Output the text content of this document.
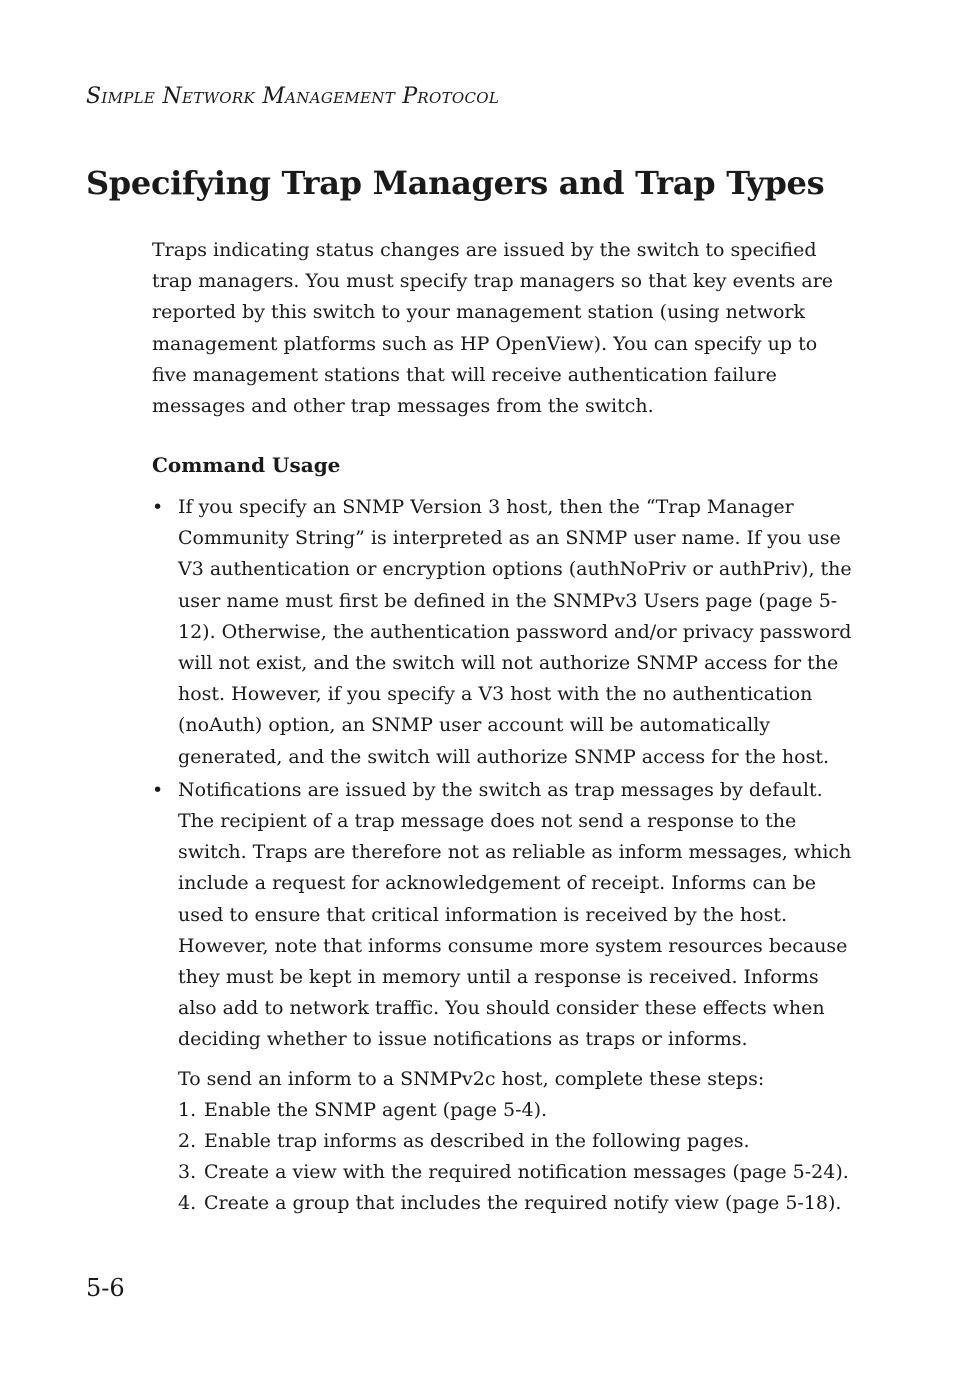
SIMPLE NETWORK MANAGEMENT PROTOCOL
Specifying Trap Managers and Trap Types

Traps indicating status changes are issued by the switch to specified trap managers. You must specify trap managers so that key events are reported by this switch to your management station (using network management platforms such as HP OpenView). You can specify up to five management stations that will receive authentication failure messages and other trap messages from the switch.

Command Usage
• If you specify an SNMP Version 3 host, then the “Trap Manager Community String” is interpreted as an SNMP user name. If you use V3 authentication or encryption options (authNoPriv or authPriv), the user name must first be defined in the SNMPv3 Users page (page 5-12). Otherwise, the authentication password and/or privacy password will not exist, and the switch will not authorize SNMP access for the host. However, if you specify a V3 host with the no authentication (noAuth) option, an SNMP user account will be automatically generated, and the switch will authorize SNMP access for the host.
• Notifications are issued by the switch as trap messages by default. The recipient of a trap message does not send a response to the switch. Traps are therefore not as reliable as inform messages, which include a request for acknowledgement of receipt. Informs can be used to ensure that critical information is received by the host. However, note that informs consume more system resources because they must be kept in memory until a response is received. Informs also add to network traffic. You should consider these effects when deciding whether to issue notifications as traps or informs.

To send an inform to a SNMPv2c host, complete these steps:

1. Enable the SNMP agent (page 5-4).
2. Enable trap informs as described in the following pages.
3. Create a view with the required notification messages (page 5-24).
4. Create a group that includes the required notify view (page 5-18).
5-6
